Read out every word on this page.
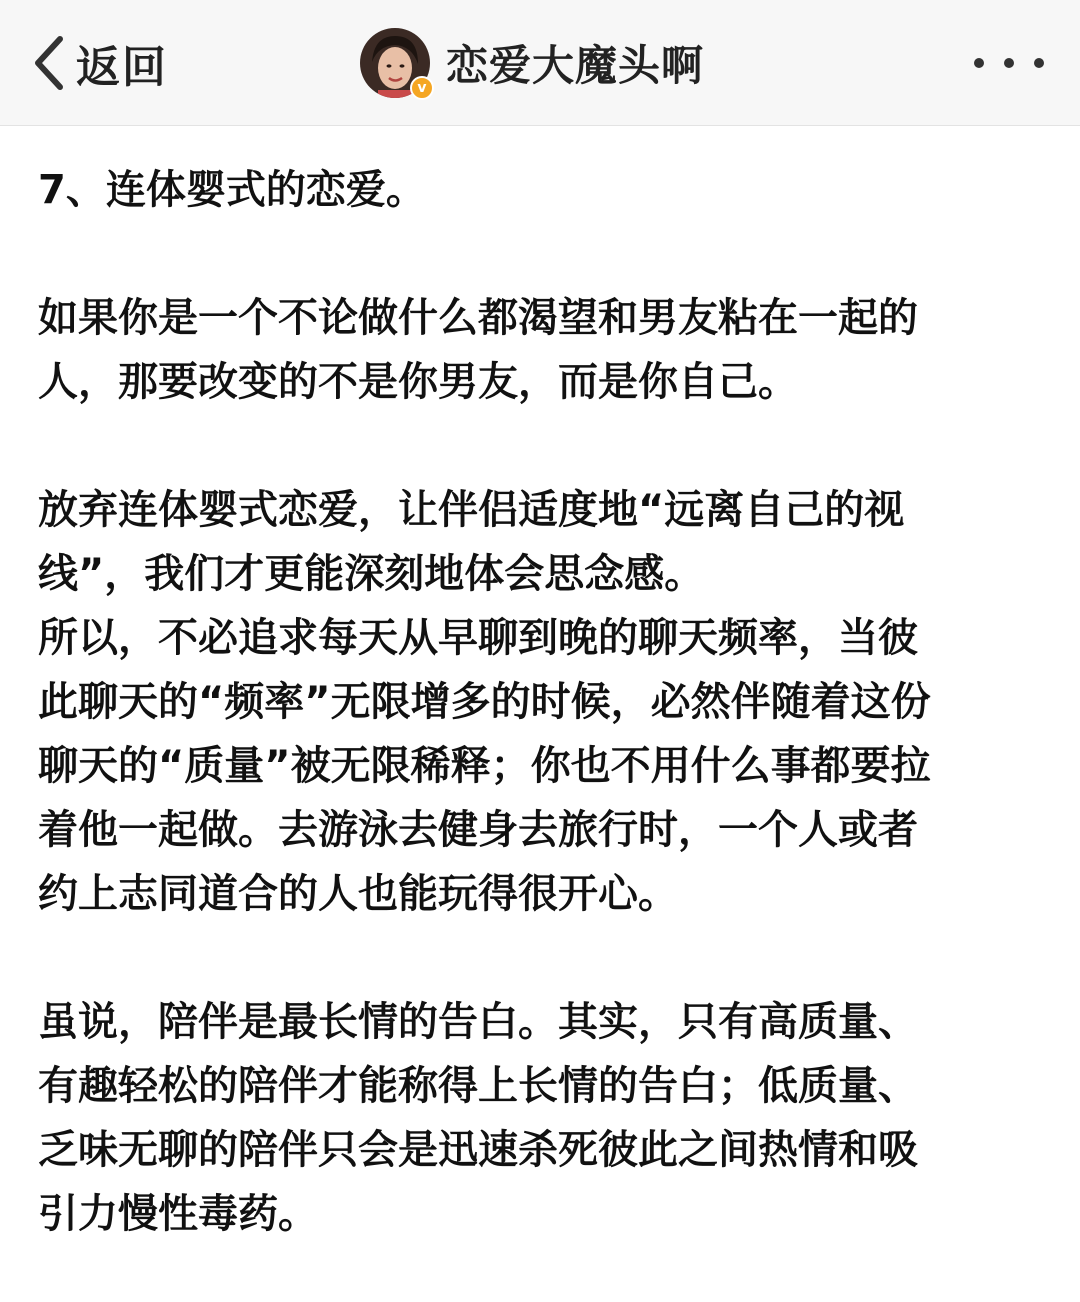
返回	v 恋爱大魔头啊

7、连体婴式的恋爱。

如果你是一个不论做什么都渴望和男友粘在一起的
人，那要改变的不是你男友，而是你自己。

放弃连体婴式恋爱，让伴侣适度地“远离自己的视
线”，我们才更能深刻地体会思念感。

所以，不必追求每天从早聊到晚的聊天频率，当彼
此聊天的“频率”无限增多的时候，必然伴随着这份
聊天的“质量”被无限稀释；你也不用什么事都要拉
着他一起做。去游泳去健身去旅行时，一个人或者
约上志同道合的人也能玩得很开心。

虽说，陪伴是最长情的告白。其实，只有高质量、
有趣轻松的陪伴才能称得上长情的告白；低质量、
乏味无聊的陪伴只会是迅速杀死彼此之间热情和吸
引力慢性毒药。
